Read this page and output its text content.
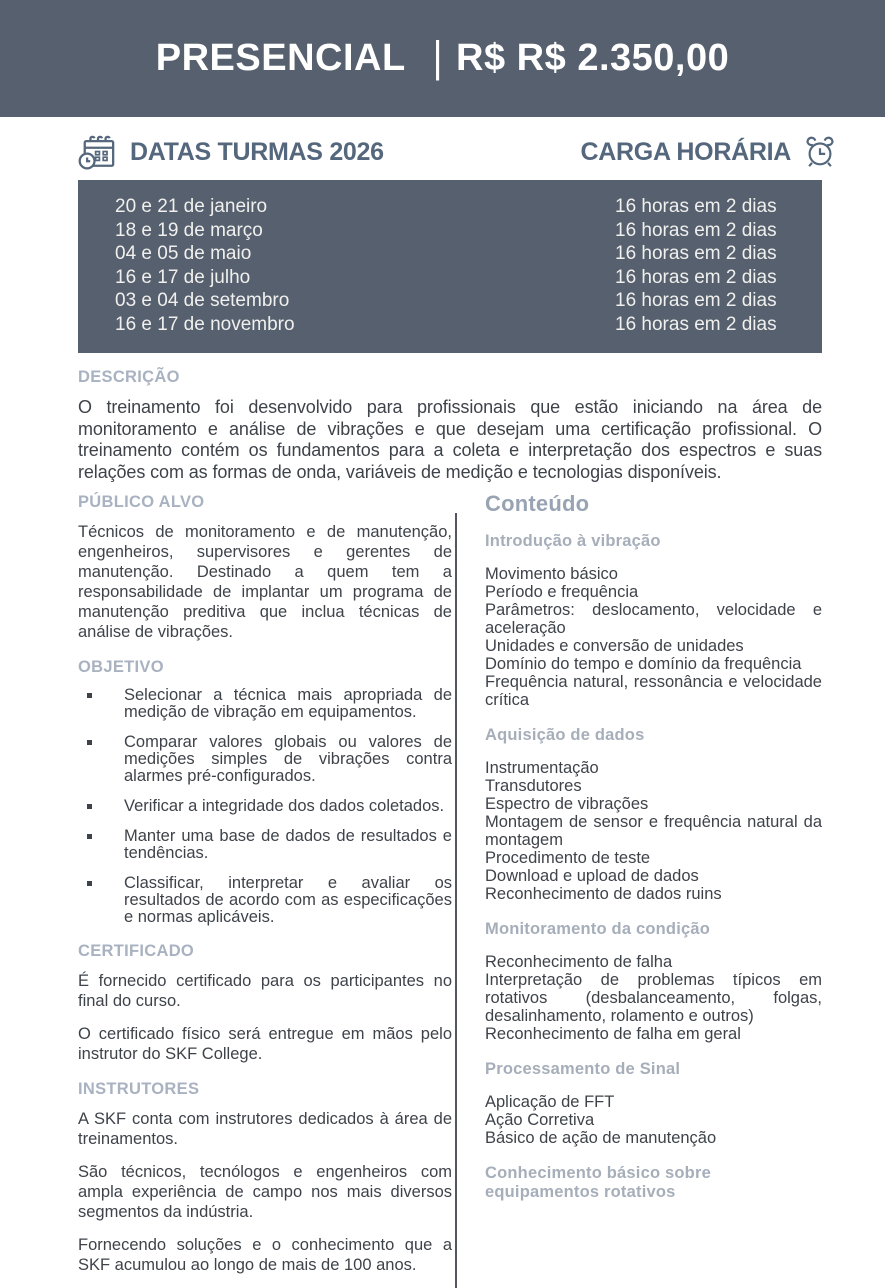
PRESENCIAL | R$ R$ 2.350,00
DATAS TURMAS 2026	CARGA HORÁRIA
20 e 21 de janeiro	16 horas em 2 dias
18 e 19 de março	16 horas em 2 dias
04 e 05 de maio	16 horas em 2 dias
16 e 17 de julho	16 horas em 2 dias
03 e 04 de setembro	16 horas em 2 dias
16 e 17 de novembro	16 horas em 2 dias
DESCRIÇÃO

O treinamento foi desenvolvido para profissionais que estão iniciando na área de monitoramento e análise de vibrações e que desejam uma certificação profissional. O treinamento contém os fundamentos para a coleta e interpretação dos espectros e suas relações com as formas de onda, variáveis de medição e tecnologias disponíveis.

PÚBLICO ALVO

Técnicos de monitoramento e de manutenção, engenheiros, supervisores e gerentes de manutenção. Destinado a quem tem a responsabilidade de implantar um programa de manutenção preditiva que inclua técnicas de análise de vibrações.

OBJETIVO
Selecionar a técnica mais apropriada de medição de vibração em equipamentos.
Comparar valores globais ou valores de medições simples de vibrações contra alarmes pré-configurados.
Verificar a integridade dos dados coletados.
Manter uma base de dados de resultados e tendências.
Classificar, interpretar e avaliar os resultados de acordo com as especificações e normas aplicáveis.
CERTIFICADO

É fornecido certificado para os participantes no final do curso.

O certificado físico será entregue em mãos pelo instrutor do SKF College.

INSTRUTORES

A SKF conta com instrutores dedicados à área de treinamentos.

São técnicos, tecnólogos e engenheiros com ampla experiência de campo nos mais diversos segmentos da indústria.

Fornecendo soluções e o conhecimento que a SKF acumulou ao longo de mais de 100 anos.

Conteúdo
Introdução à vibração

Movimento básico

Período e frequência

Parâmetros: deslocamento, velocidade e aceleração

Unidades e conversão de unidades

Domínio do tempo e domínio da frequência

Frequência natural, ressonância e velocidade crítica

Aquisição de dados

Instrumentação

Transdutores

Espectro de vibrações

Montagem de sensor e frequência natural da montagem

Procedimento de teste

Download e upload de dados

Reconhecimento de dados ruins

Monitoramento da condição

Reconhecimento de falha

Interpretação de problemas típicos em rotativos (desbalanceamento, folgas, desalinhamento, rolamento e outros)

Reconhecimento de falha em geral

Processamento de Sinal

Aplicação de FFT

Ação Corretiva

Básico de ação de manutenção

Conhecimento básico sobre equipamentos rotativos
